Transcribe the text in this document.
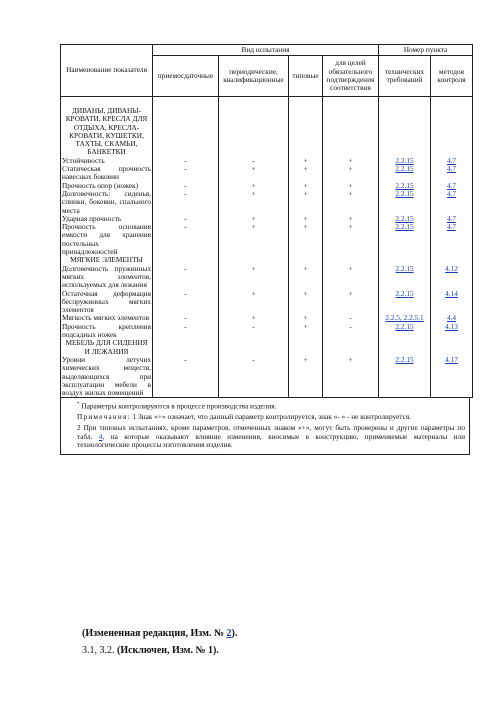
Наименование показателя	Вид испытания				Номер пункта	
	приемосдаточные	периодические, квалификационные	типовые	для целей обязательного подтверждения соответствия	технических требований	методов контроля
ДИВАНЫ, ДИВАНЫ-КРОВАТИ, КРЕСЛА ДЛЯ ОТДЫХА, КРЕСЛА-КРОВАТИ, КУШЕТКИ, ТАХТЫ, СКАМЬИ, БАНКЕТКИ						
Устойчивость	-	-	+	+	2.2.15	4.7
Статическая прочность навесных боковин	-	+	+	+	2.2.15	4.7
Прочность опор (ножек)	-	+	+	+	2.2.15	4.7
Долговечность: сиденья, спинки, боковин, спального места	-	+	+	+	2.2.15	4.7
Ударная прочность	-	+	+	+	2.2.15	4.7
Прочность основания емкости для хранения постельных принадлежностей	-	+	+	+	2.2.15	4.7
МЯГКИЕ ЭЛЕМЕНТЫ						
Долговечность пружинных мягких элементов, используемых для лежания	-	+	+	+	2.2.15	4.12
Остаточная деформация беспружинных мягких элементов	-	+	+	+	2.2.15	4.14
Мягкость мягких элементов	-	+	+	-	2.2.5, 2.2.5.1	4.4
Прочность крепления подсадных ножек	-	-	+	-	2.2.15	4.13
МЕБЕЛЬ ДЛЯ СИДЕНИЯ И ЛЕЖАНИЯ						
Уровни летучих химических веществ, выделяющихся при эксплуатации мебели в воздух жилых помещений	-	-	+	+	2.2.15	4.17

* Параметры контролируются в процессе производства изделия.

Примечания: 1 Знак «+» означает, что данный параметр контролируется, знак «- » - не контролируется.

2 При типовых испытаниях, кроме параметров, отмеченных знаком «+», могут быть проверены и другие параметры по табл. 4, на которые оказывают влияние изменения, вносимые в конструкцию, применяемые материалы или технологические процессы изготовления изделия.

(Измененная редакция, Изм. № 2).
3.1, 3.2. (Исключен, Изм. № 1).
